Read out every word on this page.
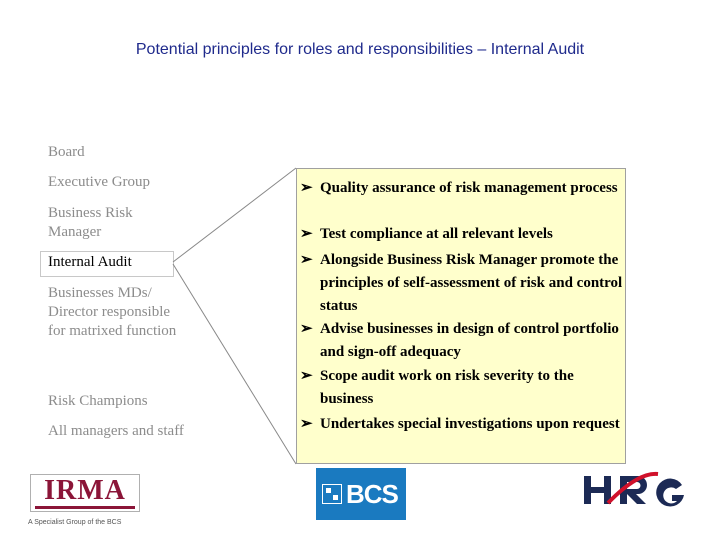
Potential principles for roles and responsibilities – Internal Audit
Board
Executive Group
Business Risk Manager
Internal Audit
Businesses MDs/ Director responsible for matrixed function
Risk Champions
All managers and staff
➢ Quality assurance of risk management process
➢ Test compliance at all relevant levels
➢ Alongside Business Risk Manager promote the principles of self-assessment of risk and control status
➢ Advise businesses in design of control portfolio and sign-off adequacy
➢ Scope audit work on risk severity to the business
➢ Undertakes special investigations upon request
IRMA
A Specialist Group of the BCS
BCS
